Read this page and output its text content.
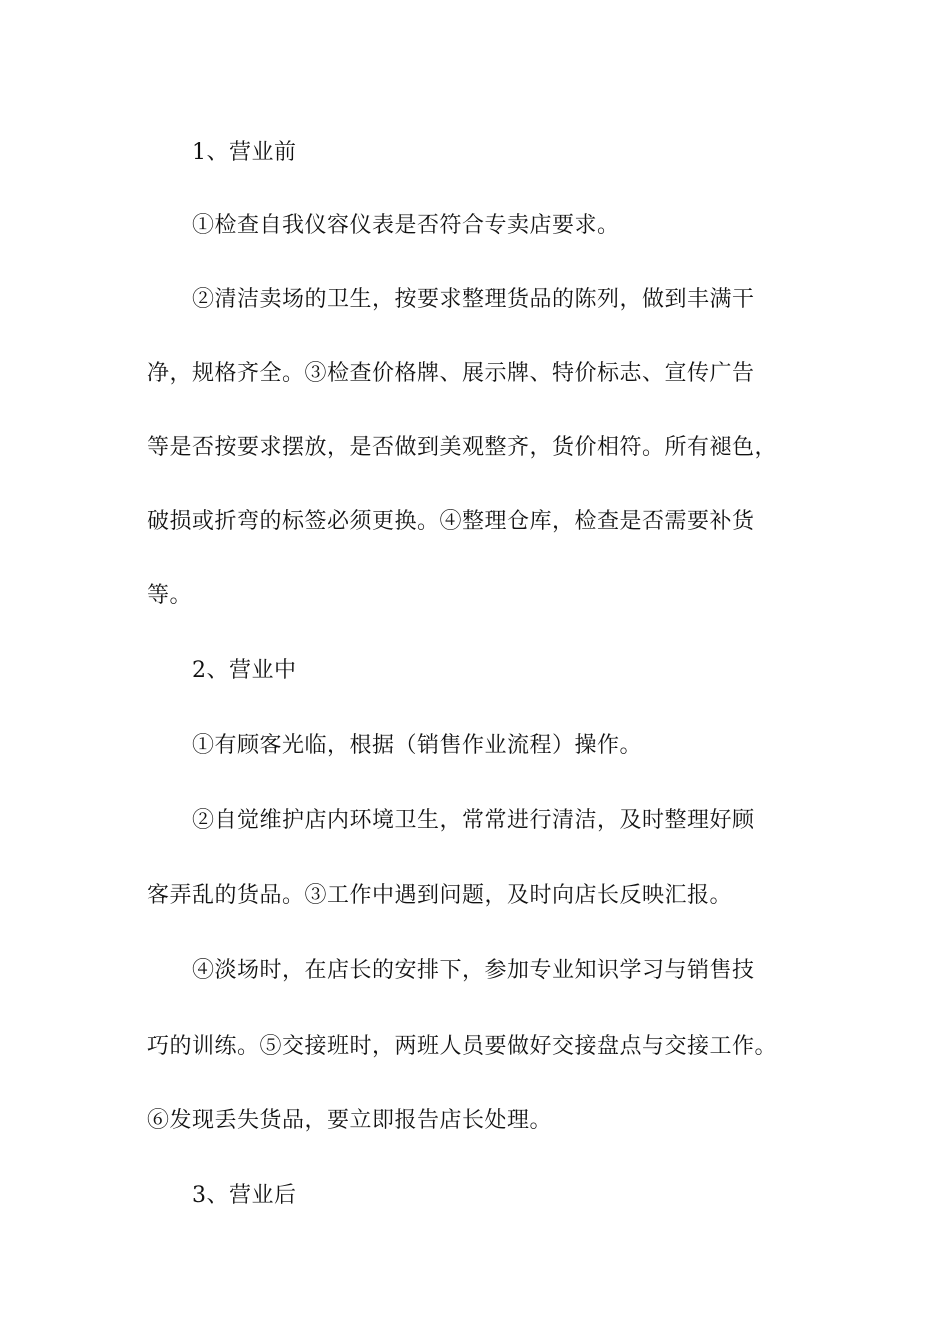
1、营业前
①检查自我仪容仪表是否符合专卖店要求。
②清洁卖场的卫生，按要求整理货品的陈列，做到丰满干
净，规格齐全。③检查价格牌、展示牌、特价标志、宣传广告
等是否按要求摆放，是否做到美观整齐，货价相符。所有褪色，
破损或折弯的标签必须更换。④整理仓库，检查是否需要补货
等。
2、营业中
①有顾客光临，根据（销售作业流程）操作。
②自觉维护店内环境卫生，常常进行清洁，及时整理好顾
客弄乱的货品。③工作中遇到问题，及时向店长反映汇报。
④淡场时，在店长的安排下，参加专业知识学习与销售技
巧的训练。⑤交接班时，两班人员要做好交接盘点与交接工作。
⑥发现丢失货品，要立即报告店长处理。
3、营业后
